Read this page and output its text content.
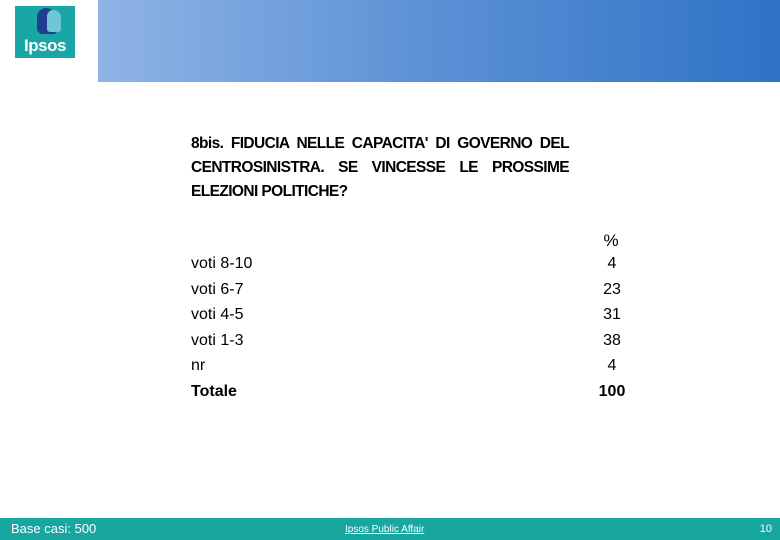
Ipsos
8bis. FIDUCIA NELLE CAPACITA' DI GOVERNO DEL CENTROSINISTRA. SE VINCESSE LE PROSSIME ELEZIONI POLITICHE?
%
voti 8-10	4
voti 6-7	23
voti 4-5	31
voti 1-3	38
nr	4
Totale	100
Base casi: 500	Ipsos Public Affair	10
